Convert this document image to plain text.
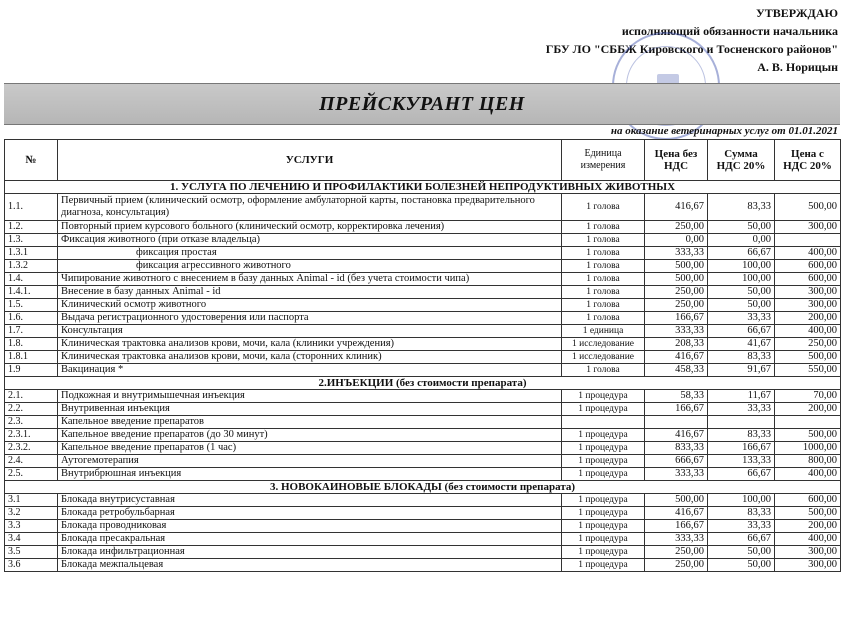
УТВЕРЖДАЮ
исполняющий обязанности начальника
ГБУ ЛО "СББЖ Кировского и Тосненского районов"
А. В. Норицын
ПРЕЙСКУРАНТ ЦЕН
на оказание ветеринарных услуг от 01.01.2021
№	УСЛУГИ	Единица измерения	Цена без НДС	Сумма НДС 20%	Цена с НДС 20%
1. УСЛУГА ПО ЛЕЧЕНИЮ И ПРОФИЛАКТИКИ БОЛЕЗНЕЙ НЕПРОДУКТИВНЫХ ЖИВОТНЫХ					
1.1.	Первичный прием (клинический осмотр, оформление амбулаторной карты, постановка предварительного диагноза, консультация)	1 голова	416,67	83,33	500,00
1.2.	Повторный прием курсового больного (клинический осмотр, корректировка лечения)	1 голова	250,00	50,00	300,00
1.3.	Фиксация животного (при отказе владельца)	1 голова	0,00	0,00	
1.3.1	фиксация простая	1 голова	333,33	66,67	400,00
1.3.2	фиксация агрессивного животного	1 голова	500,00	100,00	600,00
1.4.	Чипирование животного с внесением в базу данных Animal - id (без учета стоимости чипа)	1 голова	500,00	100,00	600,00
1.4.1.	Внесение в базу данных Animal - id	1 голова	250,00	50,00	300,00
1.5.	Клинический осмотр животного	1 голова	250,00	50,00	300,00
1.6.	Выдача регистрационного удостоверения или паспорта	1 голова	166,67	33,33	200,00
1.7.	Консультация	1 единица	333,33	66,67	400,00
1.8.	Клиническая трактовка анализов крови, мочи, кала (клиники учреждения)	1 исследование	208,33	41,67	250,00
1.8.1	Клиническая трактовка анализов крови, мочи, кала (сторонних клиник)	1 исследование	416,67	83,33	500,00
1.9	Вакцинация *	1 голова	458,33	91,67	550,00
2.ИНЪЕКЦИИ (без стоимости препарата)					
2.1.	Подкожная и внутримышечная инъекция	1 процедура	58,33	11,67	70,00
2.2.	Внутривенная инъекция	1 процедура	166,67	33,33	200,00
2.3.	Капельное введение препаратов				
2.3.1.	Капельное введение препаратов (до 30 минут)	1 процедура	416,67	83,33	500,00
2.3.2.	Капельное введение препаратов (1 час)	1 процедура	833,33	166,67	1000,00
2.4.	Аутогемотерапия	1 процедура	666,67	133,33	800,00
2.5.	Внутрибрюшная инъекция	1 процедура	333,33	66,67	400,00
3. НОВОКАИНОВЫЕ БЛОКАДЫ (без стоимости препарата)					
3.1	Блокада внутрисуставная	1 процедура	500,00	100,00	600,00
3.2	Блокада ретробульбарная	1 процедура	416,67	83,33	500,00
3.3	Блокада проводниковая	1 процедура	166,67	33,33	200,00
3.4	Блокада пресакральная	1 процедура	333,33	66,67	400,00
3.5	Блокада инфильтрационная	1 процедура	250,00	50,00	300,00
3.6	Блокада межпальцевая	1 процедура	250,00	50,00	300,00
